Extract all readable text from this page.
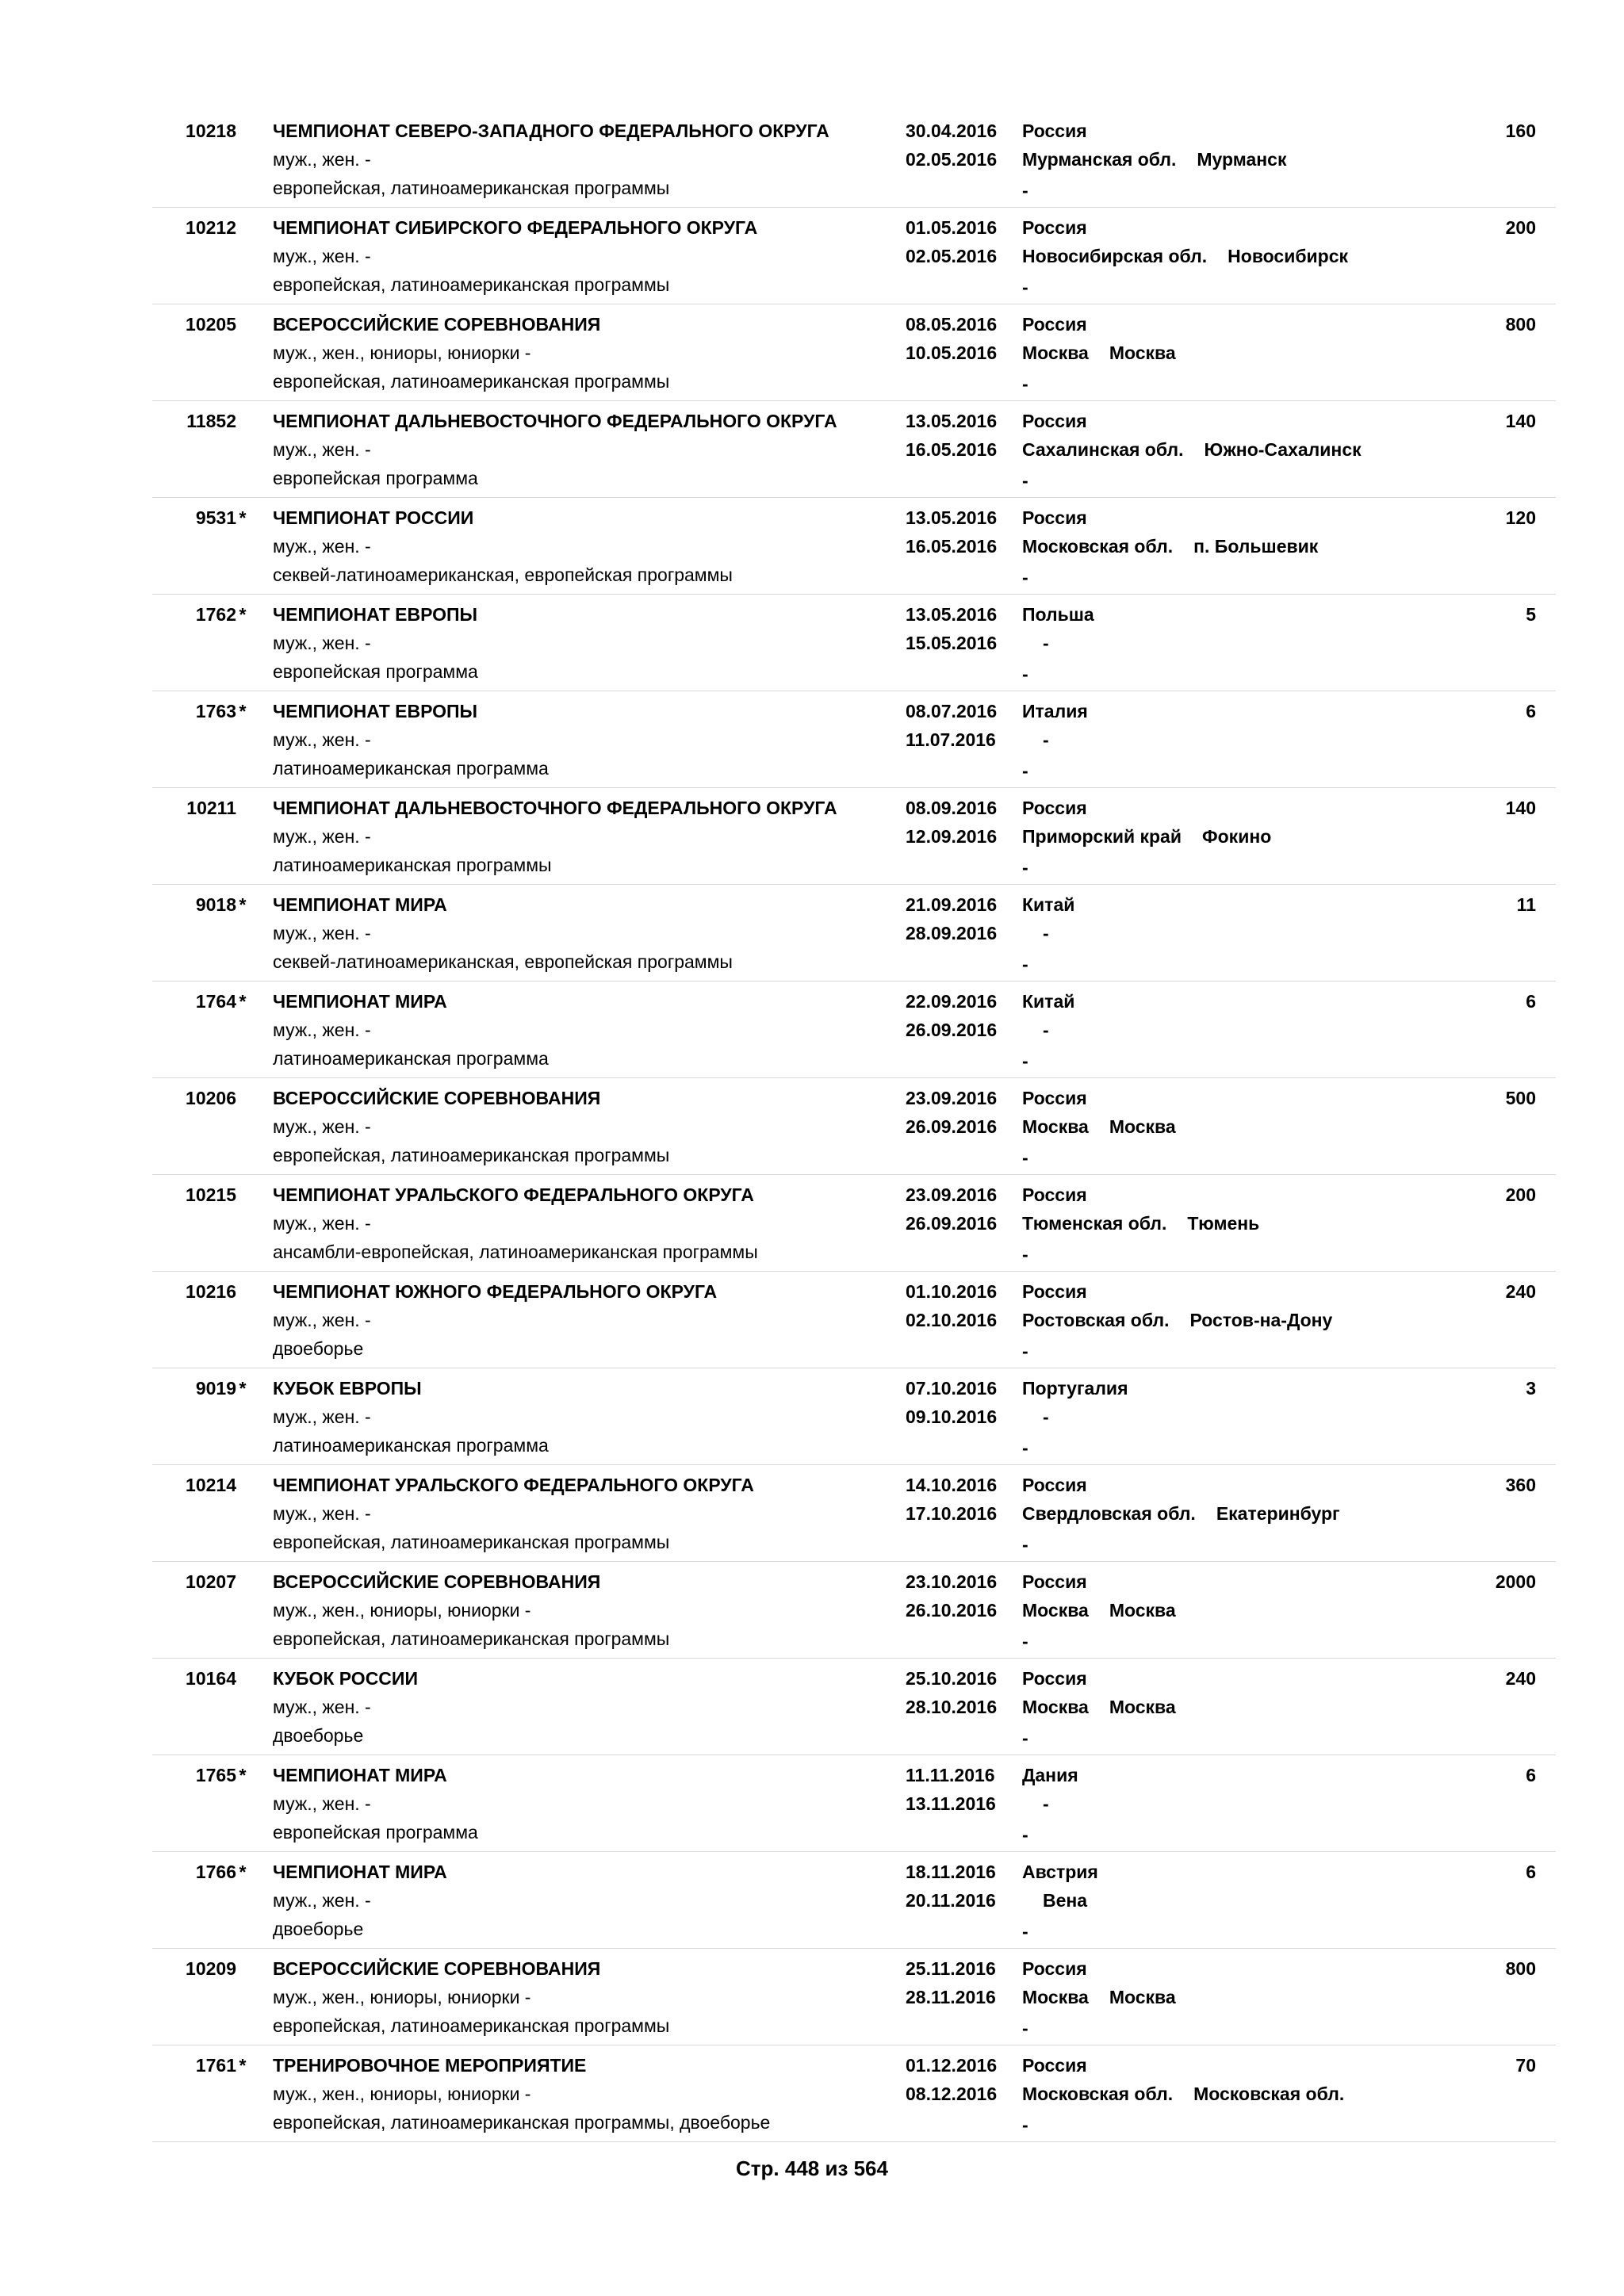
10218 ЧЕМПИОНАТ СЕВЕРО-ЗАПАДНОГО ФЕДЕРАЛЬНОГО ОКРУГА
муж., жен. -
европейская, латиноамериканская программы
30.04.2016
02.05.2016
Россия
-
160
Мурманская обл. Мурманск
10212 ЧЕМПИОНАТ СИБИРСКОГО ФЕДЕРАЛЬНОГО ОКРУГА
муж., жен. -
европейская, латиноамериканская программы
01.05.2016
02.05.2016
Россия
-
200
Новосибирская обл. Новосибирск
10205 ВСЕРОССИЙСКИЕ СОРЕВНОВАНИЯ
муж., жен., юниоры, юниорки -
европейская, латиноамериканская программы
08.05.2016
10.05.2016
Россия
-
800
Москва Москва
11852 ЧЕМПИОНАТ ДАЛЬНЕВОСТОЧНОГО ФЕДЕРАЛЬНОГО ОКРУГА
муж., жен. -
европейская программа
13.05.2016
16.05.2016
Россия
-
140
Сахалинская обл. Южно-Сахалинск
9531 * ЧЕМПИОНАТ РОССИИ
муж., жен. -
секвей-латиноамериканская, европейская программы
13.05.2016
16.05.2016
Россия
-
120
Московская обл. п. Большевик
1762 * ЧЕМПИОНАТ ЕВРОПЫ
муж., жен. -
европейская программа
13.05.2016
15.05.2016
Польша
-
5
-
1763 * ЧЕМПИОНАТ ЕВРОПЫ
муж., жен. -
латиноамериканская программа
08.07.2016
11.07.2016
Италия
-
6
-
10211 ЧЕМПИОНАТ ДАЛЬНЕВОСТОЧНОГО ФЕДЕРАЛЬНОГО ОКРУГА
муж., жен. -
латиноамериканская программы
08.09.2016
12.09.2016
Россия
-
140
Приморский край Фокино
9018 * ЧЕМПИОНАТ МИРА
муж., жен. -
секвей-латиноамериканская, европейская программы
21.09.2016
28.09.2016
Китай
-
11
-
1764 * ЧЕМПИОНАТ МИРА
муж., жен. -
латиноамериканская программа
22.09.2016
26.09.2016
Китай
-
6
-
10206 ВСЕРОССИЙСКИЕ СОРЕВНОВАНИЯ
муж., жен. -
европейская, латиноамериканская программы
23.09.2016
26.09.2016
Россия
-
500
Москва Москва
10215 ЧЕМПИОНАТ УРАЛЬСКОГО ФЕДЕРАЛЬНОГО ОКРУГА
муж., жен. -
ансамбли-европейская, латиноамериканская программы
23.09.2016
26.09.2016
Россия
-
200
Тюменская обл. Тюмень
10216 ЧЕМПИОНАТ ЮЖНОГО ФЕДЕРАЛЬНОГО ОКРУГА
муж., жен. -
двоеборье
01.10.2016
02.10.2016
Россия
-
240
Ростовская обл. Ростов-на-Дону
9019 * КУБОК ЕВРОПЫ
муж., жен. -
латиноамериканская программа
07.10.2016
09.10.2016
Португалия
-
3
-
10214 ЧЕМПИОНАТ УРАЛЬСКОГО ФЕДЕРАЛЬНОГО ОКРУГА
муж., жен. -
европейская, латиноамериканская программы
14.10.2016
17.10.2016
Россия
-
360
Свердловская обл. Екатеринбург
10207 ВСЕРОССИЙСКИЕ СОРЕВНОВАНИЯ
муж., жен., юниоры, юниорки -
европейская, латиноамериканская программы
23.10.2016
26.10.2016
Россия
-
2000
Москва Москва
10164 КУБОК РОССИИ
муж., жен. -
двоеборье
25.10.2016
28.10.2016
Россия
-
240
Москва Москва
1765 * ЧЕМПИОНАТ МИРА
муж., жен. -
европейская программа
11.11.2016
13.11.2016
Дания
-
6
-
1766 * ЧЕМПИОНАТ МИРА
муж., жен. -
двоеборье
18.11.2016
20.11.2016
Австрия
-
6
Вена
10209 ВСЕРОССИЙСКИЕ СОРЕВНОВАНИЯ
муж., жен., юниоры, юниорки -
европейская, латиноамериканская программы
25.11.2016
28.11.2016
Россия
-
800
Москва Москва
1761 * ТРЕНИРОВОЧНОЕ МЕРОПРИЯТИЕ
муж., жен., юниоры, юниорки -
европейская, латиноамериканская программы, двоеборье
01.12.2016
08.12.2016
Россия
-
70
Московская обл. Московская обл.
Стр. 448 из 564
